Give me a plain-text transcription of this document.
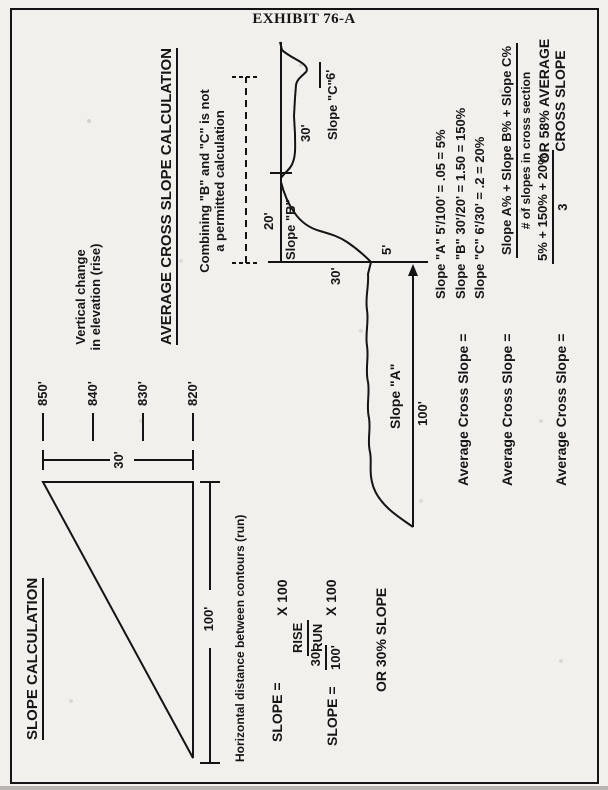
EXHIBIT 76-A
SLOPE CALCULATION
850'	840'	830'	820'
Vertical change in elevation (rise)
30'
100' Horizontal distance between contours (run) SLOPE =
RISE RUN
X 100
SLOPE =
30' 100'
X 100 OR 30% SLOPE
AVERAGE CROSS SLOPE CALCULATION Combining "B" and "C" is not a permitted calculation
Slope "A" 100'
5'
30'
20' Slope "B"
30' Slope "C"
6'
Slope "A" 5'/100' = .05 = 5% Slope "B" 30'/20' = 1.50 = 150% Slope "C" 6'/30' = .2 = 20%
Average Cross Slope = Average Cross Slope =	Average Cross Slope =
Slope A% + Slope B% + Slope C% # of slopes in cross section 5% + 150% + 20% 3
OR 58% AVERAGE CROSS SLOPE
